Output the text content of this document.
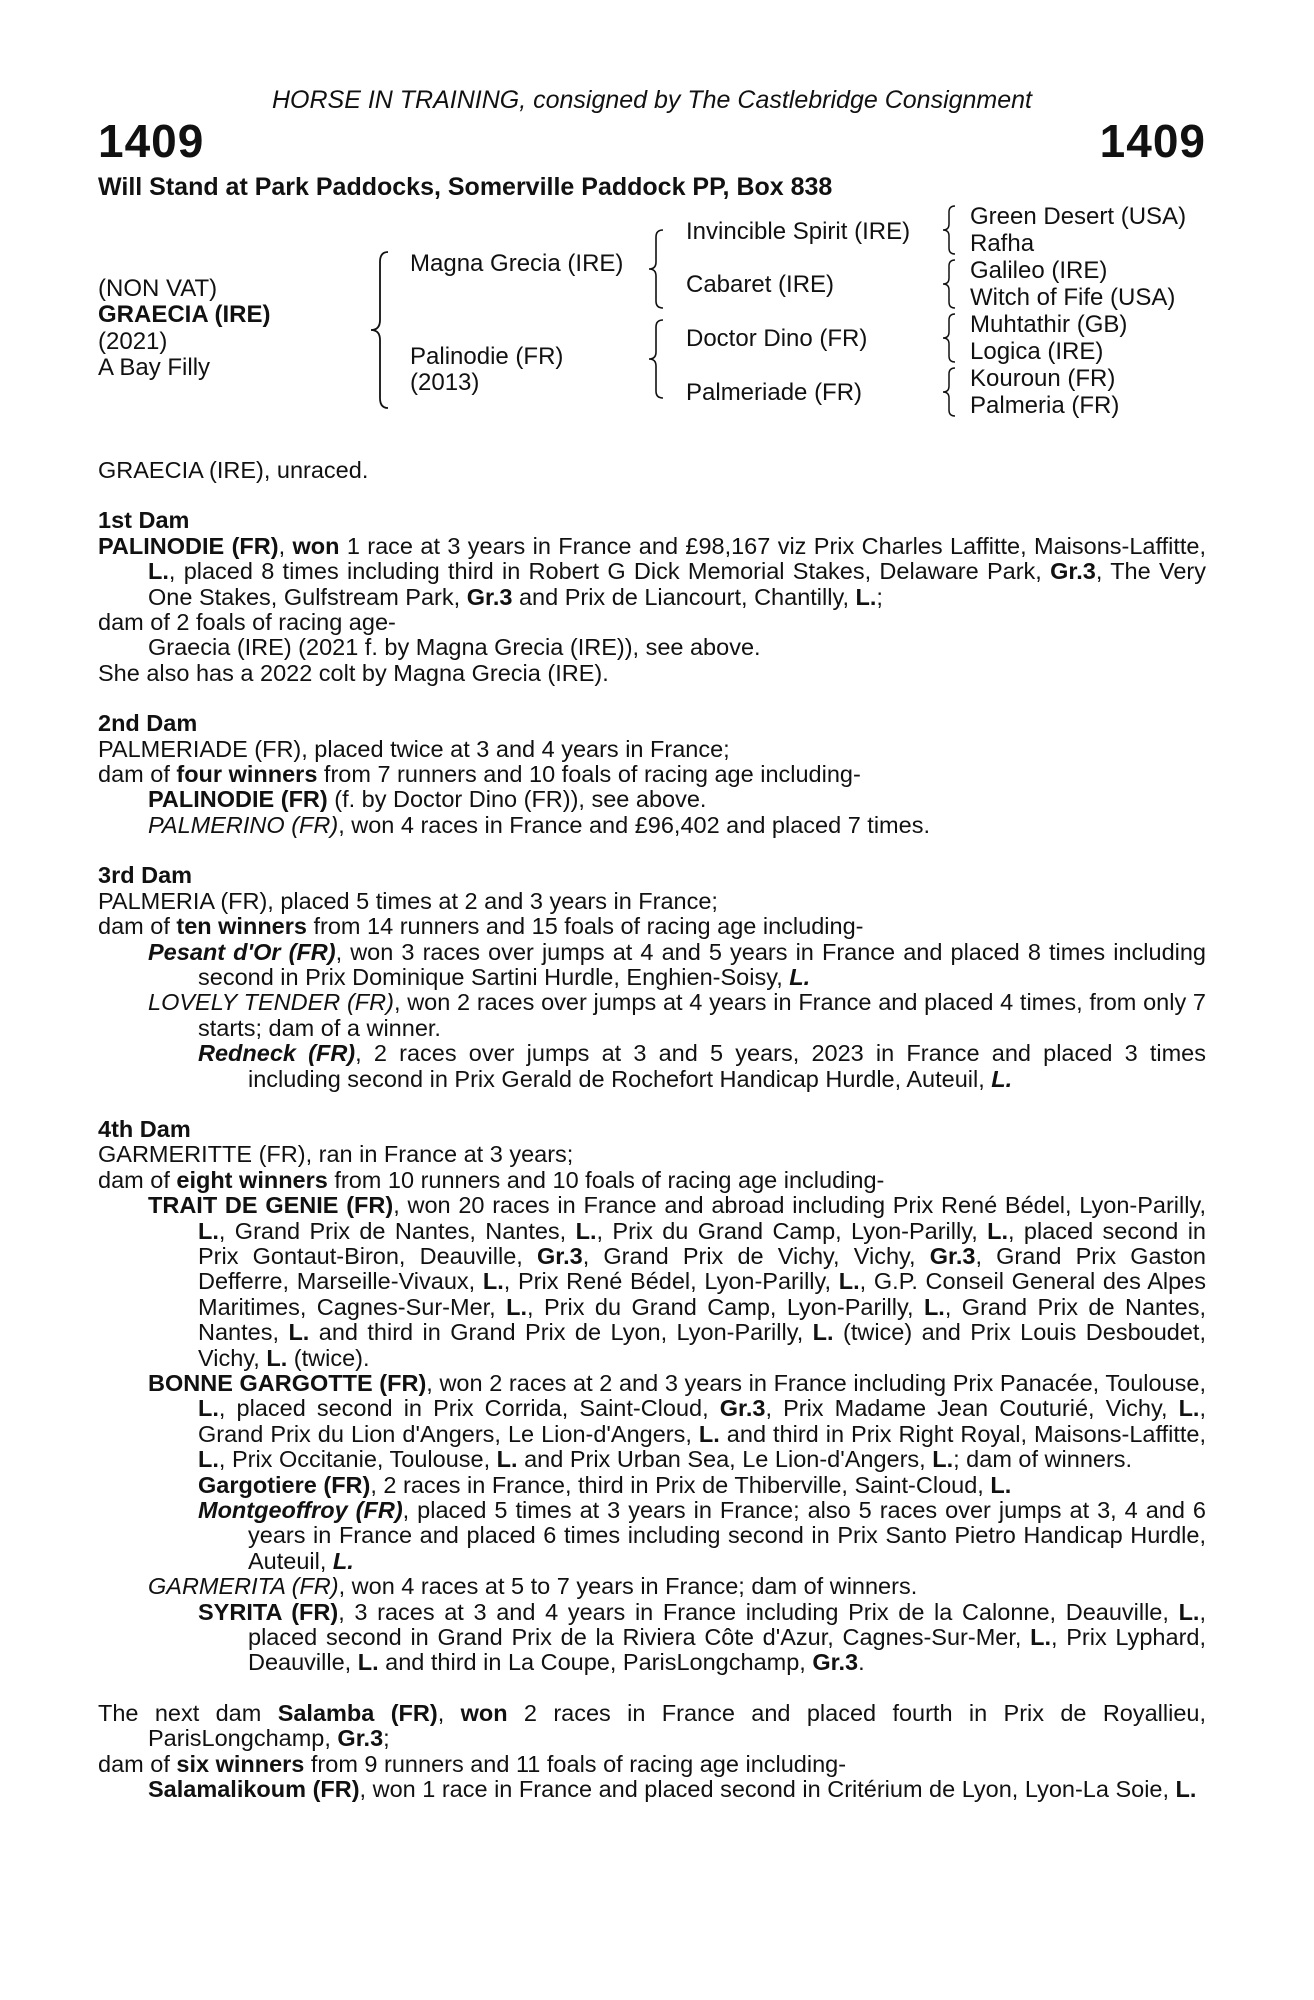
HORSE IN TRAINING, consigned by The Castlebridge Consignment
1409	1409
Will Stand at Park Paddocks, Somerville Paddock PP, Box 838
(NON VAT)
GRAECIA (IRE)
(2021)
A Bay Filly
Magna Grecia (IRE)
Palinodie (FR)
(2013)
Invincible Spirit (IRE)
Cabaret (IRE)
Doctor Dino (FR)
Palmeriade (FR)
Green Desert (USA)
Rafha
Galileo (IRE)
Witch of Fife (USA)
Muhtathir (GB)
Logica (IRE)
Kouroun (FR)
Palmeria (FR)

GRAECIA (IRE), unraced.

1st Dam

PALINODIE (FR), won 1 race at 3 years in France and £98,167 viz Prix Charles Laffitte, Maisons-Laffitte, L., placed 8 times including third in Robert G Dick Memorial Stakes, Delaware Park, Gr.3, The Very One Stakes, Gulfstream Park, Gr.3 and Prix de Liancourt, Chantilly, L.;

dam of 2 foals of racing age-

Graecia (IRE) (2021 f. by Magna Grecia (IRE)), see above.

She also has a 2022 colt by Magna Grecia (IRE).

2nd Dam

PALMERIADE (FR), placed twice at 3 and 4 years in France;

dam of four winners from 7 runners and 10 foals of racing age including-

PALINODIE (FR) (f. by Doctor Dino (FR)), see above.

PALMERINO (FR), won 4 races in France and £96,402 and placed 7 times.

3rd Dam

PALMERIA (FR), placed 5 times at 2 and 3 years in France;

dam of ten winners from 14 runners and 15 foals of racing age including-

Pesant d'Or (FR), won 3 races over jumps at 4 and 5 years in France and placed 8 times including second in Prix Dominique Sartini Hurdle, Enghien-Soisy, L.

LOVELY TENDER (FR), won 2 races over jumps at 4 years in France and placed 4 times, from only 7 starts; dam of a winner.

Redneck (FR), 2 races over jumps at 3 and 5 years, 2023 in France and placed 3 times including second in Prix Gerald de Rochefort Handicap Hurdle, Auteuil, L.

4th Dam

GARMERITTE (FR), ran in France at 3 years;

dam of eight winners from 10 runners and 10 foals of racing age including-

TRAIT DE GENIE (FR), won 20 races in France and abroad including Prix René Bédel, Lyon-Parilly, L., Grand Prix de Nantes, Nantes, L., Prix du Grand Camp, Lyon-Parilly, L., placed second in Prix Gontaut-Biron, Deauville, Gr.3, Grand Prix de Vichy, Vichy, Gr.3, Grand Prix Gaston Defferre, Marseille-Vivaux, L., Prix René Bédel, Lyon-Parilly, L., G.P. Conseil General des Alpes Maritimes, Cagnes-Sur-Mer, L., Prix du Grand Camp, Lyon-Parilly, L., Grand Prix de Nantes, Nantes, L. and third in Grand Prix de Lyon, Lyon-Parilly, L. (twice) and Prix Louis Desboudet, Vichy, L. (twice).

BONNE GARGOTTE (FR), won 2 races at 2 and 3 years in France including Prix Panacée, Toulouse, L., placed second in Prix Corrida, Saint-Cloud, Gr.3, Prix Madame Jean Couturié, Vichy, L., Grand Prix du Lion d'Angers, Le Lion-d'Angers, L. and third in Prix Right Royal, Maisons-Laffitte, L., Prix Occitanie, Toulouse, L. and Prix Urban Sea, Le Lion-d'Angers, L.; dam of winners.

Gargotiere (FR), 2 races in France, third in Prix de Thiberville, Saint-Cloud, L.

Montgeoffroy (FR), placed 5 times at 3 years in France; also 5 races over jumps at 3, 4 and 6 years in France and placed 6 times including second in Prix Santo Pietro Handicap Hurdle, Auteuil, L.

GARMERITA (FR), won 4 races at 5 to 7 years in France; dam of winners.

SYRITA (FR), 3 races at 3 and 4 years in France including Prix de la Calonne, Deauville, L., placed second in Grand Prix de la Riviera Côte d'Azur, Cagnes-Sur-Mer, L., Prix Lyphard, Deauville, L. and third in La Coupe, ParisLongchamp, Gr.3.

The next dam Salamba (FR), won 2 races in France and placed fourth in Prix de Royallieu, ParisLongchamp, Gr.3;

dam of six winners from 9 runners and 11 foals of racing age including-

Salamalikoum (FR), won 1 race in France and placed second in Critérium de Lyon, Lyon-La Soie, L.
